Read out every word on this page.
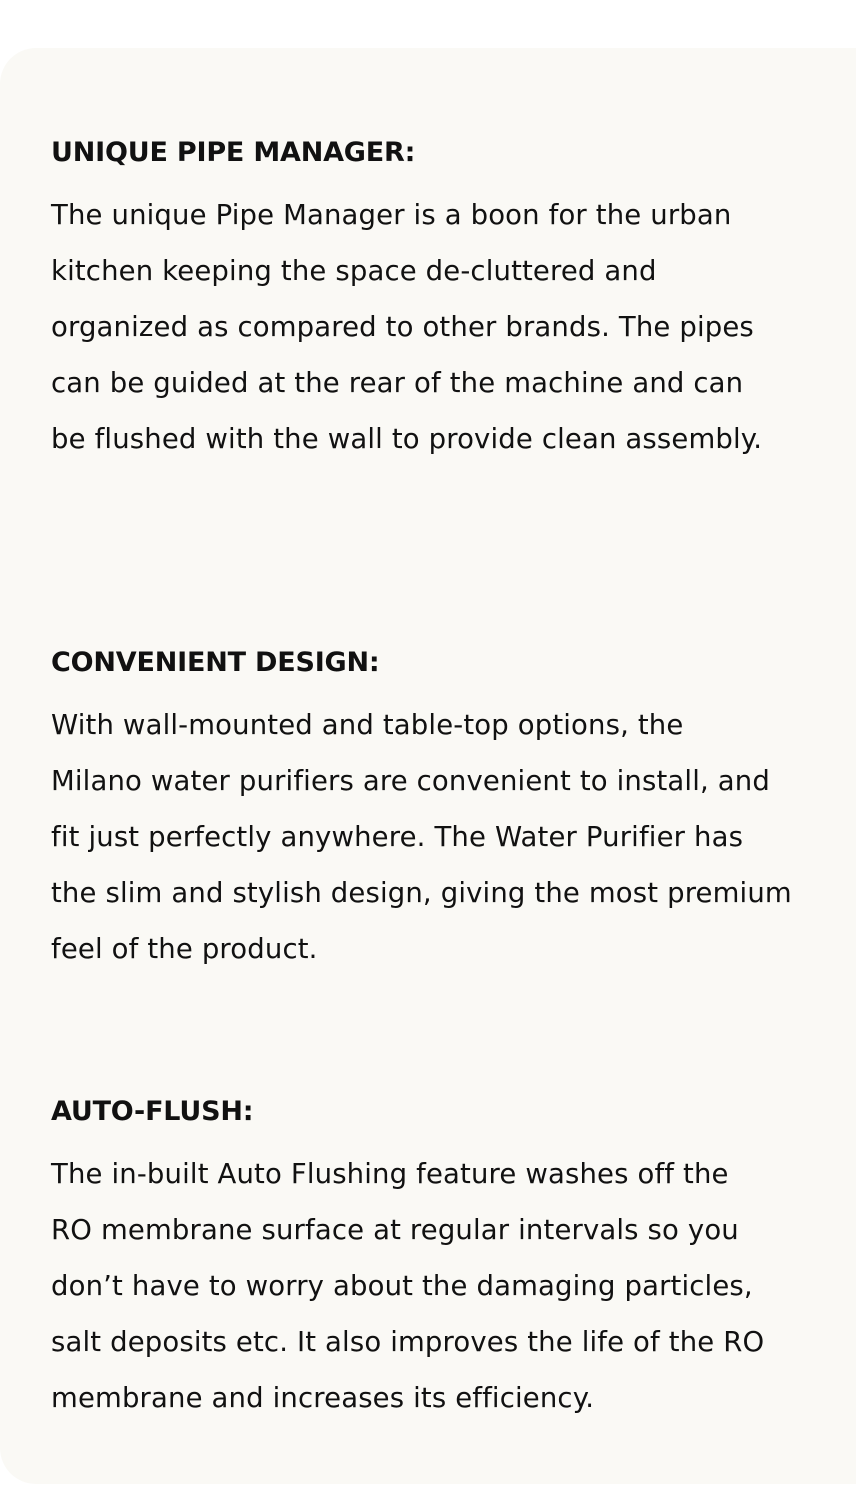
UNIQUE PIPE MANAGER:

The unique Pipe Manager is a boon for the urban
kitchen keeping the space de-cluttered and
organized as compared to other brands. The pipes
can be guided at the rear of the machine and can
be flushed with the wall to provide clean assembly.

CONVENIENT DESIGN:

With wall-mounted and table-top options, the
Milano water purifiers are convenient to install, and
fit just perfectly anywhere. The Water Purifier has
the slim and stylish design, giving the most premium
feel of the product.

AUTO-FLUSH:

The in-built Auto Flushing feature washes off the
RO membrane surface at regular intervals so you
don’t have to worry about the damaging particles,
salt deposits etc. It also improves the life of the RO
membrane and increases its efficiency.
